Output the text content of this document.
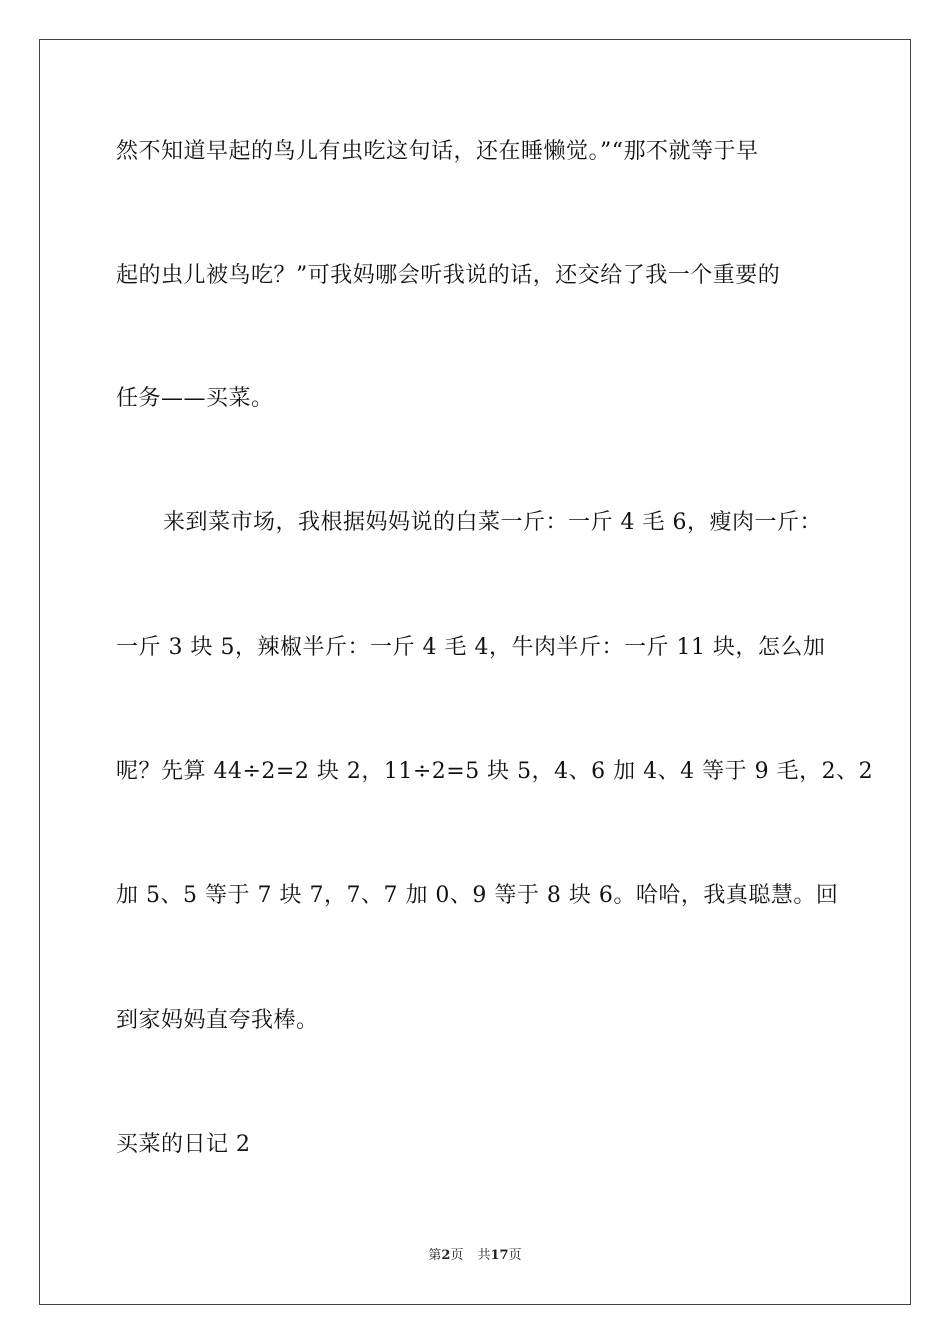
然不知道早起的鸟儿有虫吃这句话，还在睡懒觉。”“那不就等于早
起的虫儿被鸟吃？”可我妈哪会听我说的话，还交给了我一个重要的
任务——买菜。
来到菜市场，我根据妈妈说的白菜一斤：一斤 4 毛 6，瘦肉一斤：
一斤 3 块 5，辣椒半斤：一斤 4 毛 4，牛肉半斤：一斤 11 块，怎么加
呢？先算 44÷2=2 块 2，11÷2=5 块 5，4、6 加 4、4 等于 9 毛，2、2
加 5、5 等于 7 块 7，7、7 加 0、9 等于 8 块 6。哈哈，我真聪慧。回
到家妈妈直夸我棒。
买菜的日记 2
第2页 共17页
